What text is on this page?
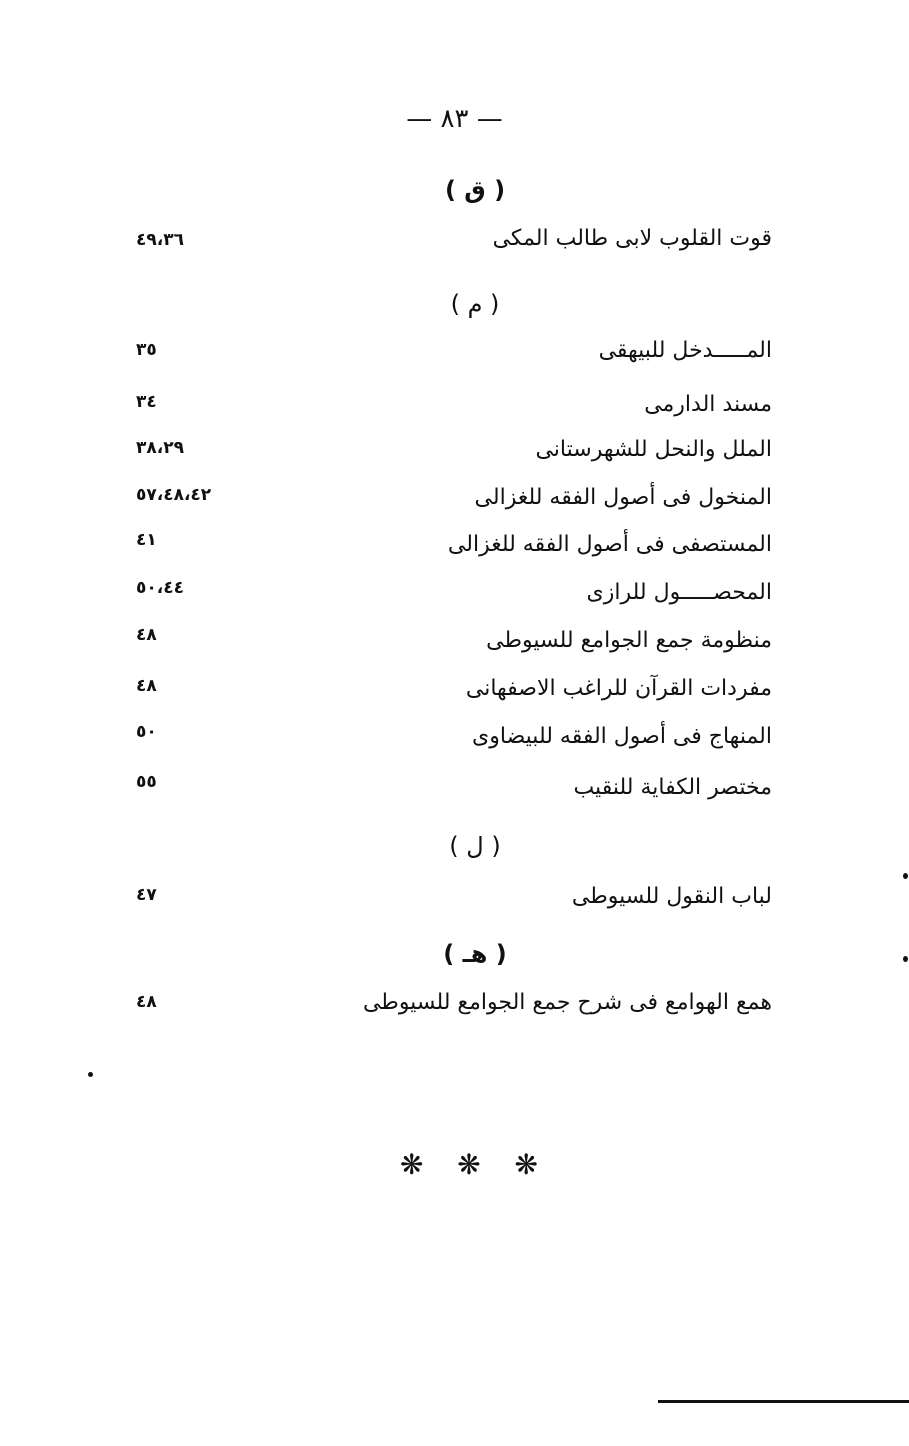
— ٨٣ —
( ق )
قوت القلوب لابى طالب المكى
٤٩،٣٦
( م )
المـــــدخل للبيهقى
٣٥
مسند الدارمى
٣٤
الملل والنحل للشهرستانى
٣٨،٢٩
المنخول فى أصول الفقه للغزالى
٥٧،٤٨،٤٢
المستصفى فى أصول الفقه للغزالى
٤١
المحصـــــول للرازى
٥٠،٤٤
منظومة جمع الجوامع للسيوطى
٤٨
مفردات القرآن للراغب الاصفهانى
٤٨
المنهاج فى أصول الفقه للبيضاوى
٥٠
مختصر الكفاية للنقيب
٥٥
( ل )
لباب النقول للسيوطى
٤٧
( هـ )
همع الهوامع فى شرح جمع الجوامع للسيوطى
٤٨
❋ ❋ ❋
